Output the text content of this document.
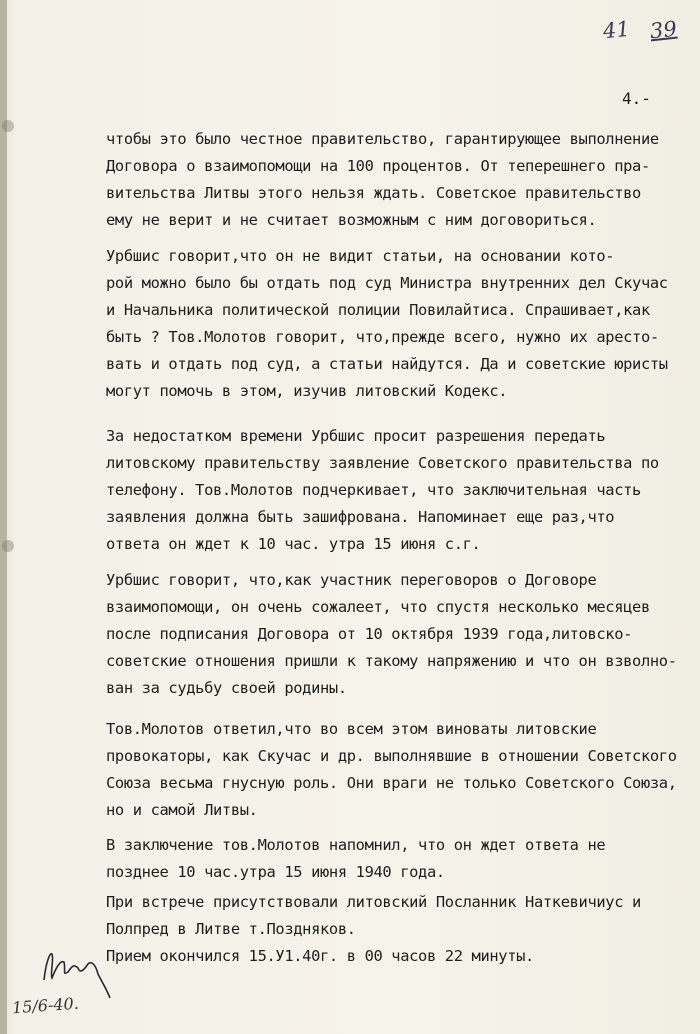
41 39
4.-
чтобы это было честное правительство, гарантирующее выполнение
Договора о взаимопомощи на 100 процентов. От теперешнего пра-
вительства Литвы этого нельзя ждать. Советское правительство
ему не верит и не считает возможным с ним договориться.
Урбшис говорит,что он не видит статьи, на основании кото-
рой можно было бы отдать под суд Министра внутренних дел Скучас
и Начальника политической полиции Повилайтиса. Спрашивает,как
быть ? Тов.Молотов говорит, что,прежде всего, нужно их аресто-
вать и отдать под суд, а статьи найдутся. Да и советские юристы
могут помочь в этом, изучив литовский Кодекс.
За недостатком времени Урбшис просит разрешения передать
литовскому правительству заявление Советского правительства по
телефону. Тов.Молотов подчеркивает, что заключительная часть
заявления должна быть зашифрована. Напоминает еще раз,что
ответа он ждет к 10 час. утра 15 июня с.г.
Урбшис говорит, что,как участник переговоров о Договоре
взаимопомощи, он очень сожалеет, что спустя несколько месяцев
после подписания Договора от 10 октября 1939 года,литовско-
советские отношения пришли к такому напряжению и что он взволно-
ван за судьбу своей родины.
Тов.Молотов ответил,что во всем этом виноваты литовские
провокаторы, как Скучас и др. выполнявшие в отношении Советского
Союза весьма гнусную роль. Они враги не только Советского Союза,
но и самой Литвы.
В заключение тов.Молотов напомнил, что он ждет ответа не
позднее 10 час.утра 15 июня 1940 года.
При встрече присутствовали литовский Посланник Наткевичиус и
Полпред в Литве т.Поздняков.
Прием окончился 15.У1.40г. в 00 часов 22 минуты.
15/6-40.
